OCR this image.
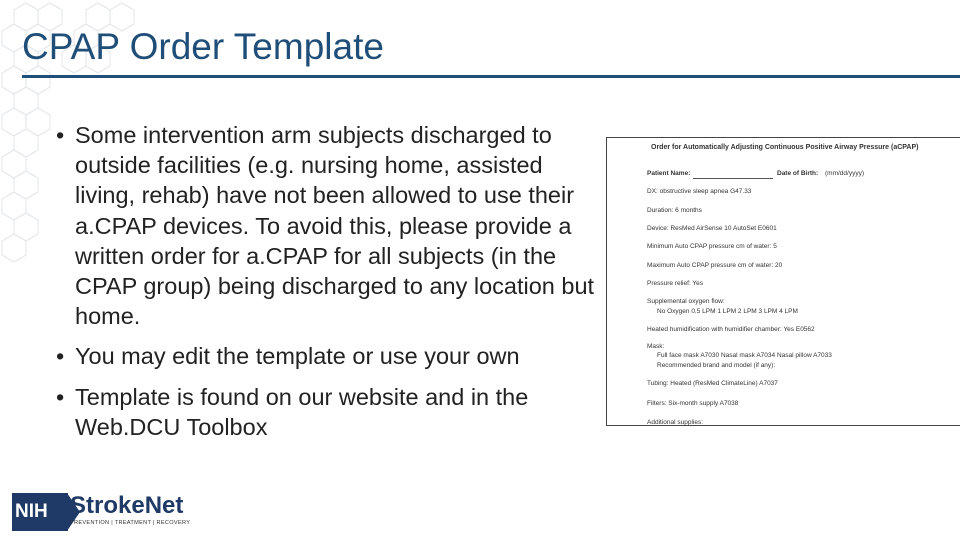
CPAP Order Template
• Some intervention arm subjects discharged to outside facilities (e.g. nursing home, assisted living, rehab) have not been allowed to use their a.CPAP devices. To avoid this, please provide a written order for a.CPAP for all subjects (in the CPAP group) being discharged to any location but home.
• You may edit the template or use your own
• Template is found on our website and in the Web.DCU Toolbox
Order for Automatically Adjusting Continuous Positive Airway Pressure (aCPAP)
Patient Name:	Date of Birth: (mm/dd/yyyy)
DX: obstructive sleep apnea G47.33
Duration: 6 months
Device: ResMed AirSense 10 AutoSet E0601
Minimum Auto CPAP pressure cm of water: 5
Maximum Auto CPAP pressure cm of water: 20
Pressure relief: Yes
Supplemental oxygen flow:
No Oxygen 0.5 LPM 1 LPM 2 LPM 3 LPM 4 LPM
Heated humidification with humidifier chamber: Yes E0562
Mask:
Full face mask A7030 Nasal mask A7034 Nasal pillow A7033
Recommended brand and model (if any):
Tubing: Heated (ResMed ClimateLine) A7037
Filters: Six-month supply A7038
Additional supplies:
NIH StrokeNet
PREVENTION | TREATMENT | RECOVERY
